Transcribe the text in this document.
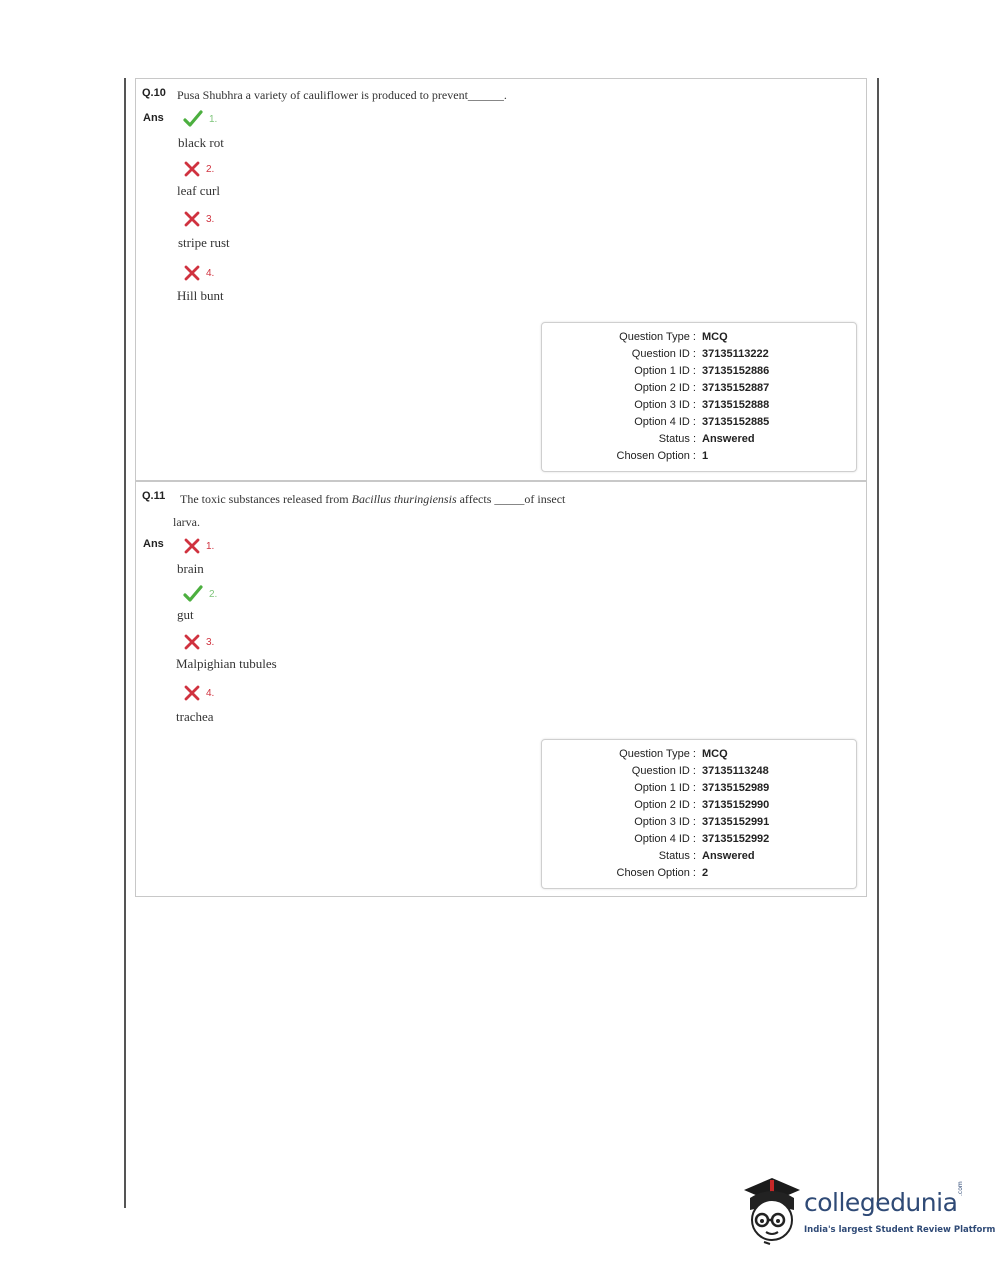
Q.10 Pusa Shubhra a variety of cauliflower is produced to prevent______.
Ans	1.
black rot
2.
leaf curl
3.
stripe rust
4.
Hill bunt
Question Type : MCQ
Question ID : 37135113222
Option 1 ID : 37135152886
Option 2 ID : 37135152887
Option 3 ID : 37135152888
Option 4 ID : 37135152885
Status : Answered
Chosen Option : 1
Q.11 The toxic substances released from Bacillus thuringiensis affects _____of insect
larva.
Ans	1.
brain
2.
gut
3.
Malpighian tubules
4.
trachea
Question Type : MCQ
Question ID : 37135113248
Option 1 ID : 37135152989
Option 2 ID : 37135152990
Option 3 ID : 37135152991
Option 4 ID : 37135152992
Status : Answered
Chosen Option : 2
collegedunia .com
India's largest Student Review Platform
